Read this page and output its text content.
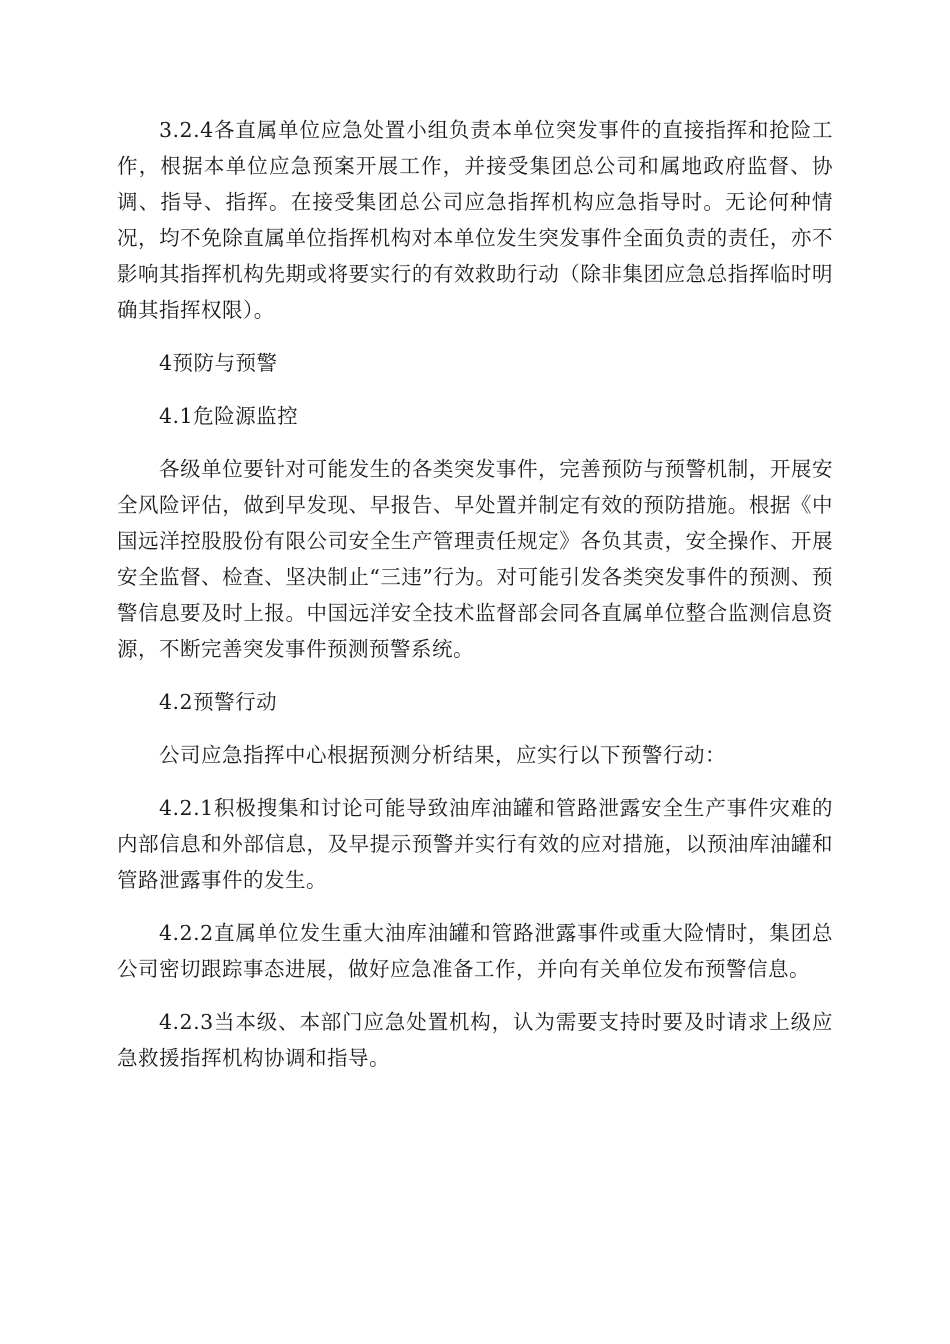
3.2.4各直属单位应急处置小组负责本单位突发事件的直接指挥和抢险工作，根据本单位应急预案开展工作，并接受集团总公司和属地政府监督、协调、指导、指挥。在接受集团总公司应急指挥机构应急指导时。无论何种情况，均不免除直属单位指挥机构对本单位发生突发事件全面负责的责任，亦不影响其指挥机构先期或将要实行的有效救助行动（除非集团应急总指挥临时明确其指挥权限）。

4预防与预警

4.1危险源监控

各级单位要针对可能发生的各类突发事件，完善预防与预警机制，开展安全风险评估，做到早发现、早报告、早处置并制定有效的预防措施。根据《中国远洋控股股份有限公司安全生产管理责任规定》各负其责，安全操作、开展安全监督、检查、坚决制止“三违”行为。对可能引发各类突发事件的预测、预警信息要及时上报。中国远洋安全技术监督部会同各直属单位整合监测信息资源，不断完善突发事件预测预警系统。

4.2预警行动

公司应急指挥中心根据预测分析结果，应实行以下预警行动：

4.2.1积极搜集和讨论可能导致油库油罐和管路泄露安全生产事件灾难的内部信息和外部信息，及早提示预警并实行有效的应对措施，以预油库油罐和管路泄露事件的发生。

4.2.2直属单位发生重大油库油罐和管路泄露事件或重大险情时，集团总公司密切跟踪事态进展，做好应急准备工作，并向有关单位发布预警信息。

4.2.3当本级、本部门应急处置机构，认为需要支持时要及时请求上级应急救援指挥机构协调和指导。
